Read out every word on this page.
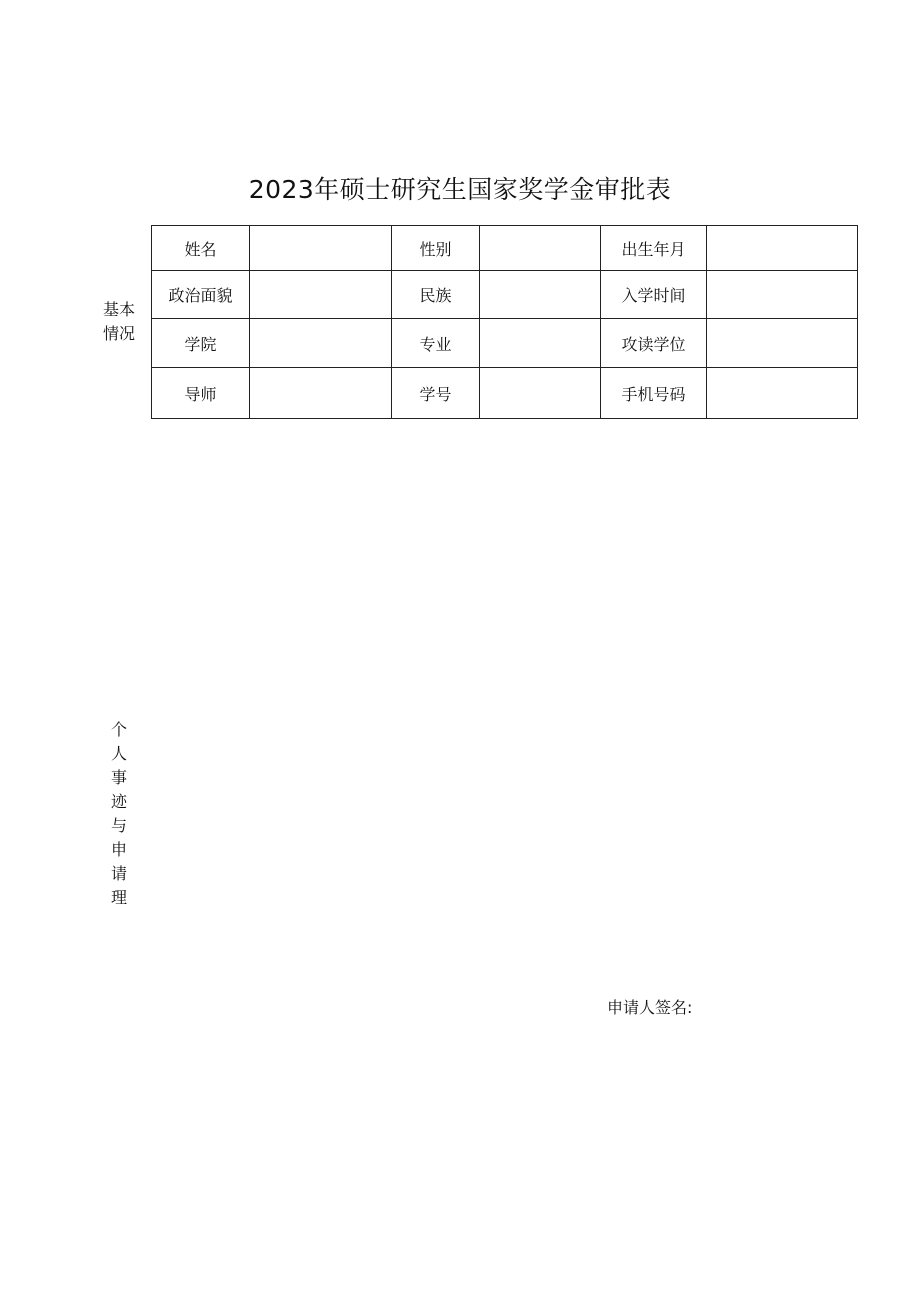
2023年硕士研究生国家奖学金审批表
基本
情况
姓名		性别		出生年月	
政治面貌		民族		入学时间	
学院		专业		攻读学位	
导师		学号		手机号码	
个
人
事
迹
与
申
请
理
申请人签名:
